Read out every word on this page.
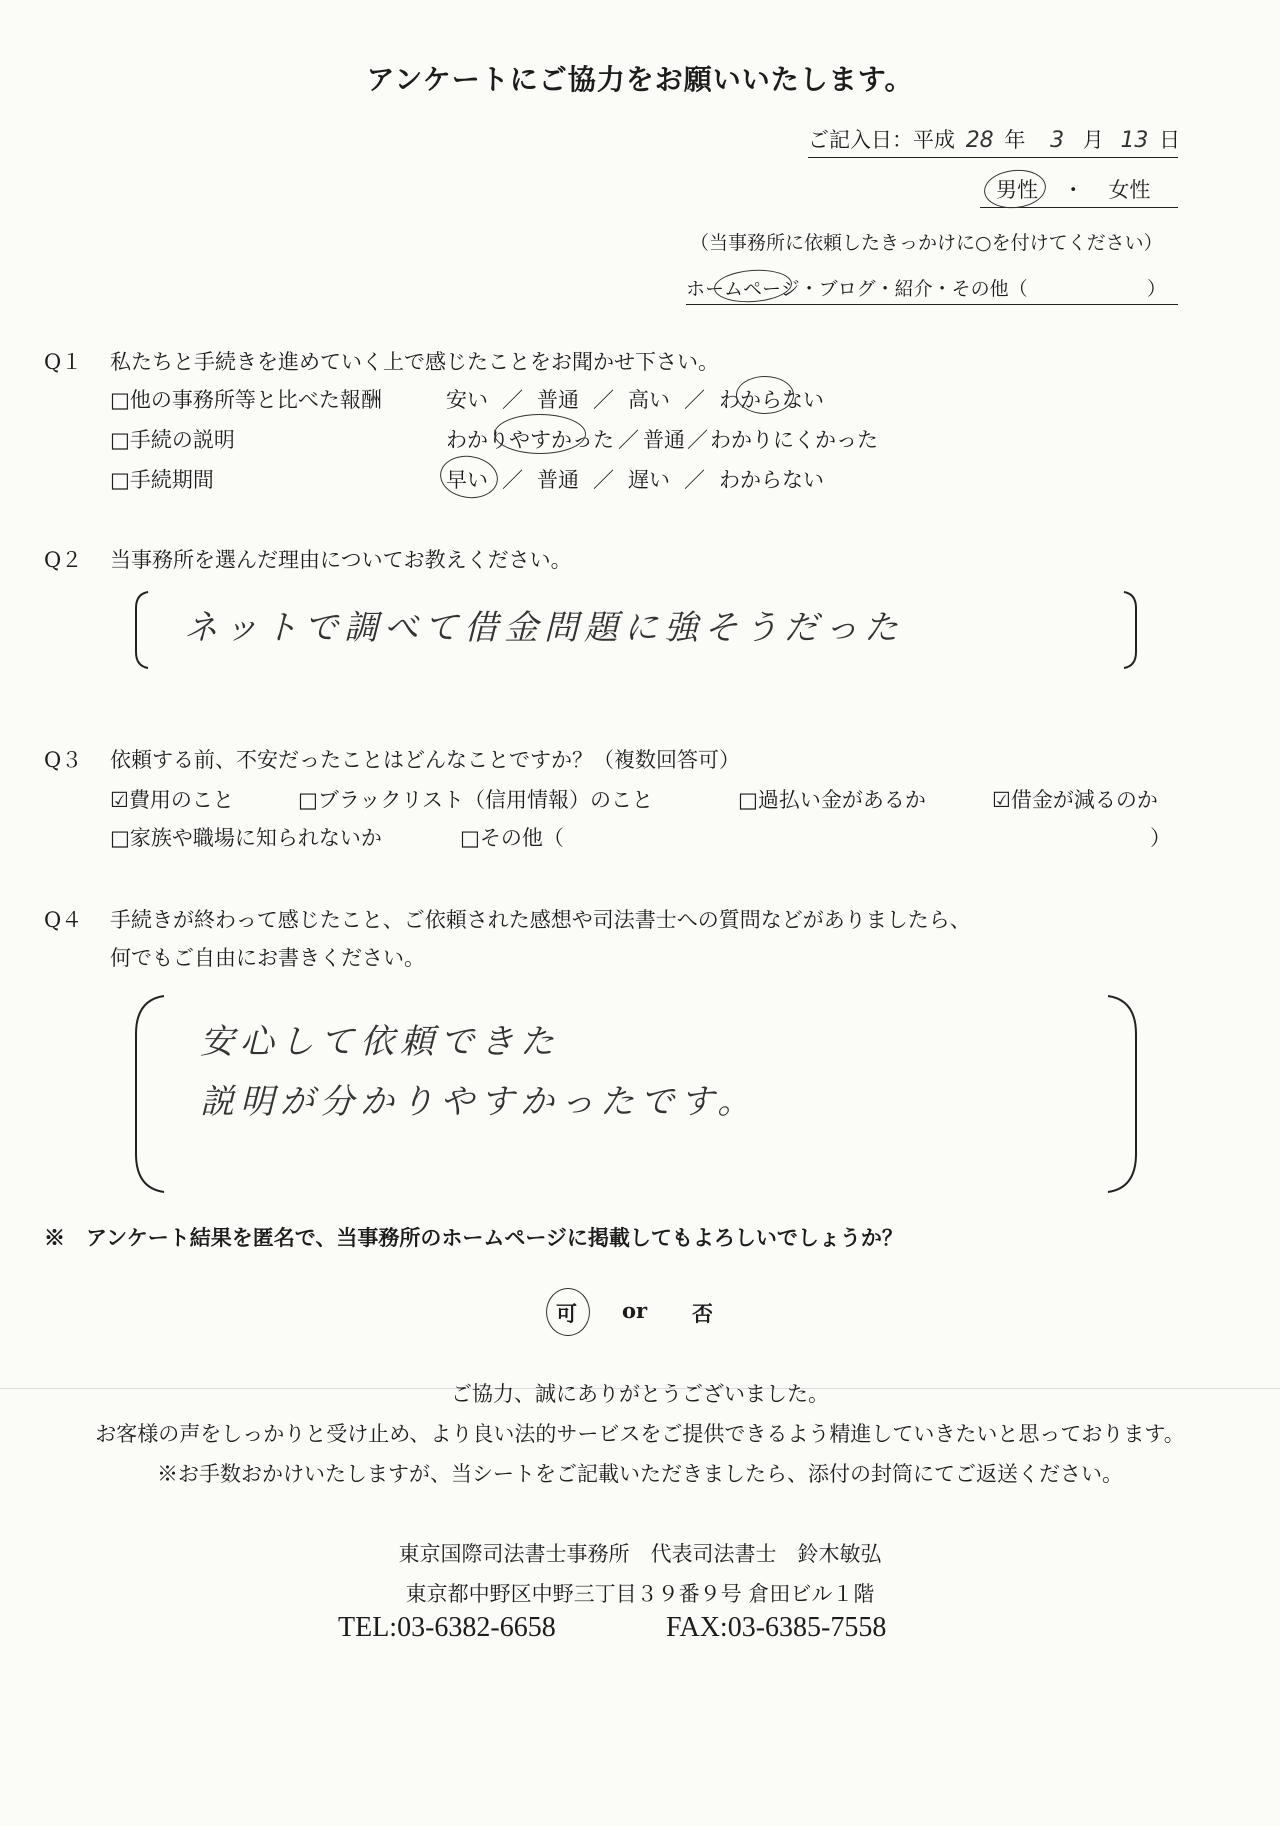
アンケートにご協力をお願いいたします。
ご記入日：平成 28 年 3 月 13 日
男性 ・ 女性
（当事務所に依頼したきっかけに○を付けてください）
ホームページ・ブログ・紹介・その他（	）
Q１ 私たちと手続きを進めていく上で感じたことをお聞かせ下さい。
□他の事務所等と比べた報酬	安い ／ 普通 ／ 高い ／ わからない
□手続の説明	わかりやすかった ／ 普通／わかりにくかった
□手続期間	早い ／ 普通 ／ 遅い ／ わからない
Q２ 当事務所を選んだ理由についてお教えください。
ネットで調べて借金問題に強そうだった
Q３ 依頼する前、不安だったことはどんなことですか？（複数回答可）
☑費用のこと	□ブラックリスト（信用情報）のこと	□過払い金があるか	☑借金が減るのか
□家族や職場に知られないか	□その他（	）
Q４ 手続きが終わって感じたこと、ご依頼された感想や司法書士への質問などがありましたら、
何でもご自由にお書きください。
安心して依頼できた
説明が分かりやすかったです。
※　アンケート結果を匿名で、当事務所のホームページに掲載してもよろしいでしょうか？
可 or 否
ご協力、誠にありがとうございました。
お客様の声をしっかりと受け止め、より良い法的サービスをご提供できるよう精進していきたいと思っております。
※お手数おかけいたしますが、当シートをご記載いただきましたら、添付の封筒にてご返送ください。
東京国際司法書士事務所　代表司法書士　鈴木敏弘
東京都中野区中野三丁目３９番９号 倉田ビル１階
TEL:03-6382-6658	FAX:03-6385-7558
